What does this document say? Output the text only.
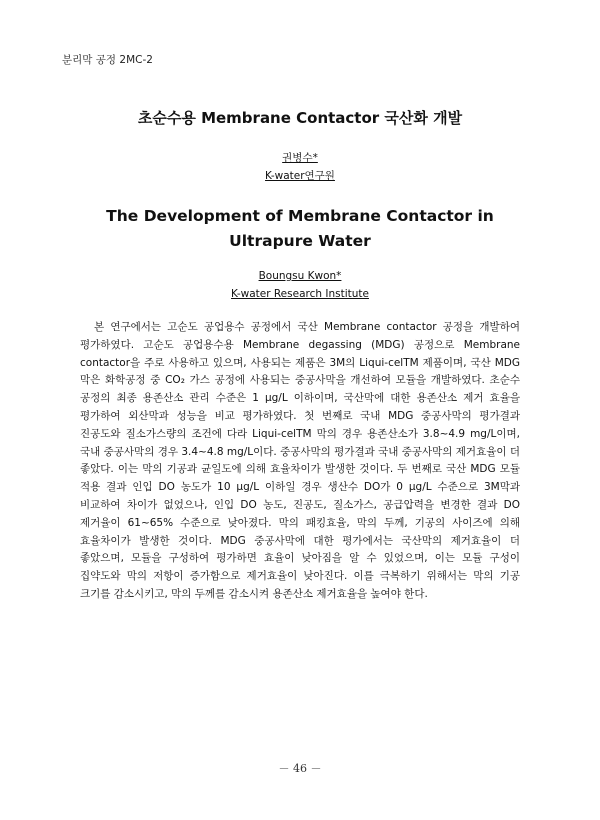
분리막 공정 2MC-2
초순수용 Membrane Contactor 국산화 개발
권병수*
K-water연구원
The Development of Membrane Contactor in Ultrapure Water
Boungsu Kwon*
K-water Research Institute

본 연구에서는 고순도 공업용수 공정에서 국산 Membrane contactor 공정을 개발하여 평가하였다. 고순도 공업용수용 Membrane degassing (MDG) 공정으로 Membrane contactor을 주로 사용하고 있으며, 사용되는 제품은 3M의 Liqui-celTM 제품이며, 국산 MDG 막은 화학공정 중 CO₂ 가스 공정에 사용되는 중공사막을 개선하여 모듈을 개발하였다. 초순수 공정의 최종 용존산소 관리 수준은 1 μg/L 이하이며, 국산막에 대한 용존산소 제거 효율을 평가하여 외산막과 성능을 비교 평가하였다. 첫 번째로 국내 MDG 중공사막의 평가결과 진공도와 질소가스량의 조건에 다라 Liqui-celTM 막의 경우 용존산소가 3.8~4.9 mg/L이며, 국내 중공사막의 경우 3.4~4.8 mg/L이다. 중공사막의 평가결과 국내 중공사막의 제거효율이 더 좋았다. 이는 막의 기공과 균일도에 의해 효율차이가 발생한 것이다. 두 번째로 국산 MDG 모듈 적용 결과 인입 DO 농도가 10 μg/L 이하일 경우 생산수 DO가 0 μg/L 수준으로 3M막과 비교하여 차이가 없었으나, 인입 DO 농도, 진공도, 질소가스, 공급압력을 변경한 결과 DO 제거율이 61~65% 수준으로 낮아졌다. 막의 패킹효율, 막의 두께, 기공의 사이즈에 의해 효율차이가 발생한 것이다. MDG 중공사막에 대한 평가에서는 국산막의 제거효율이 더 좋았으며, 모듈을 구성하여 평가하면 효율이 낮아짐을 알 수 있었으며, 이는 모듈 구성이 집약도와 막의 저항이 증가함으로 제거효율이 낮아진다. 이를 극복하기 위해서는 막의 기공 크기를 감소시키고, 막의 두께를 감소시켜 용존산소 제거효율을 높여야 한다.

－ 46 －
